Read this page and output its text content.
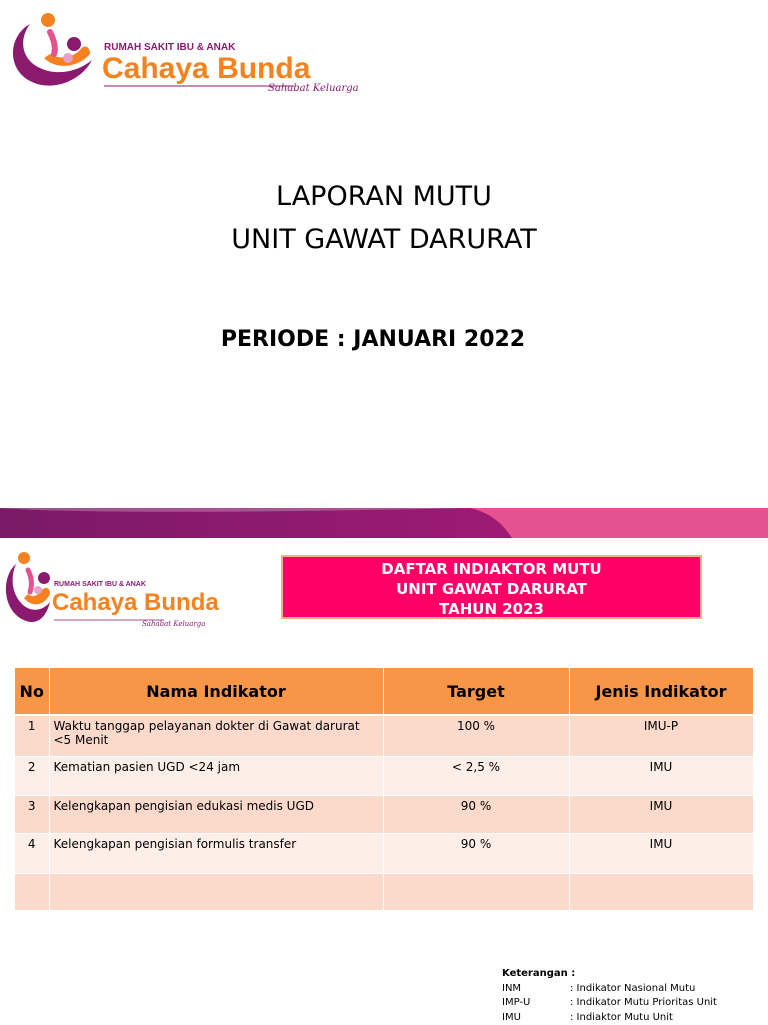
RUMAH SAKIT IBU & ANAK
Cahaya Bunda
Sahabat Keluarga
LAPORAN MUTU
UNIT GAWAT DARURAT
PERIODE : JANUARI 2022
RUMAH SAKIT IBU & ANAK
Cahaya Bunda
Sahabat Keluarga
DAFTAR INDIAKTOR MUTU
UNIT GAWAT DARURAT
TAHUN 2023
No	Nama Indikator	Target	Jenis Indikator
1	Waktu tanggap pelayanan dokter di Gawat darurat <5 Menit	100 %	IMU-P
2	Kematian pasien UGD <24 jam	< 2,5 %	IMU
3	Kelengkapan pengisian edukasi medis UGD	90 %	IMU
4	Kelengkapan pengisian formulis transfer	90 %	IMU

Keterangan :
INM	: Indikator Nasional Mutu
IMP-U	: Indikator Mutu Prioritas Unit
IMU	: Indiaktor Mutu Unit
